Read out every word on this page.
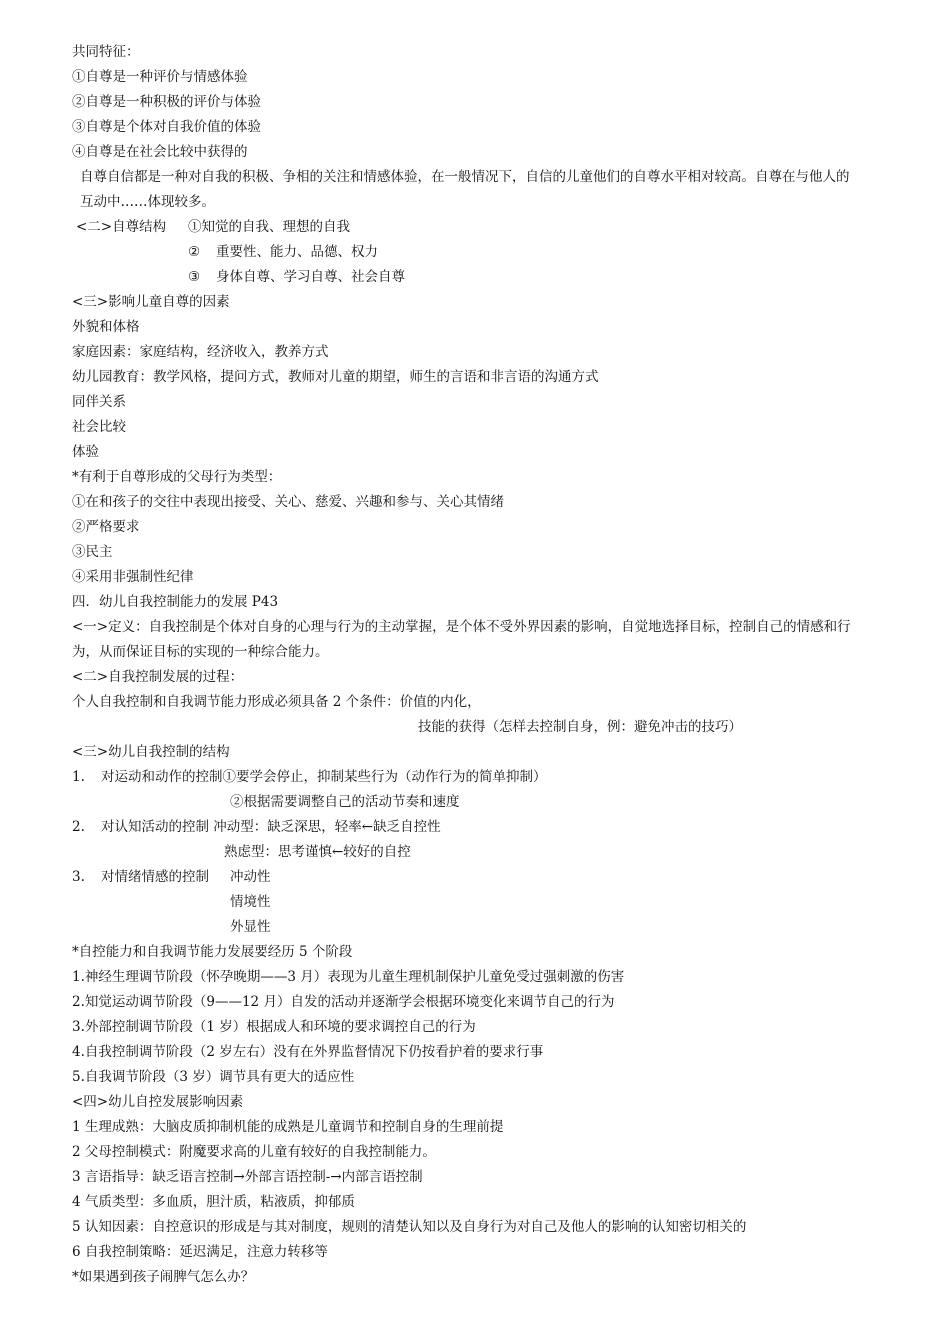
共同特征：
①自尊是一种评价与情感体验
②自尊是一种积极的评价与体验
③自尊是个体对自我价值的体验
④自尊是在社会比较中获得的
自尊自信都是一种对自我的积极、争相的关注和情感体验，在一般情况下，自信的儿童他们的自尊水平相对较高。自尊在与他人的
互动中……体现较多。
<二>自尊结构 ①知觉的自我、理想的自我
② 重要性、能力、品德、权力
③ 身体自尊、学习自尊、社会自尊
<三>影响儿童自尊的因素
外貌和体格
家庭因素：家庭结构，经济收入，教养方式
幼儿园教育：教学风格，提问方式，教师对儿童的期望，师生的言语和非言语的沟通方式
同伴关系
社会比较
体验
*有利于自尊形成的父母行为类型：
①在和孩子的交往中表现出接受、关心、慈爱、兴趣和参与、关心其情绪
②严格要求
③民主
④采用非强制性纪律
四．幼儿自我控制能力的发展 P43
<一>定义：自我控制是个体对自身的心理与行为的主动掌握，是个体不受外界因素的影响，自觉地选择目标，控制自己的情感和行
为，从而保证目标的实现的一种综合能力。
<二>自我控制发展的过程：
个人自我控制和自我调节能力形成必须具备 2 个条件：价值的内化，
技能的获得（怎样去控制自身，例：避免冲击的技巧）
<三>幼儿自我控制的结构
1. 对运动和动作的控制①要学会停止，抑制某些行为（动作行为的简单抑制）
②根据需要调整自己的活动节奏和速度
2. 对认知活动的控制 冲动型：缺乏深思，轻率←缺乏自控性
熟虑型：思考谨慎←较好的自控
3. 对情绪情感的控制 冲动性
情境性
外显性
*自控能力和自我调节能力发展要经历 5 个阶段
1.神经生理调节阶段（怀孕晚期——3 月）表现为儿童生理机制保护儿童免受过强刺激的伤害
2.知觉运动调节阶段（9——12 月）自发的活动并逐渐学会根据环境变化来调节自己的行为
3.外部控制调节阶段（1 岁）根据成人和环境的要求调控自己的行为
4.自我控制调节阶段（2 岁左右）没有在外界监督情况下仍按看护着的要求行事
5.自我调节阶段（3 岁）调节具有更大的适应性
<四>幼儿自控发展影响因素
1 生理成熟：大脑皮质抑制机能的成熟是儿童调节和控制自身的生理前提
2 父母控制模式：附魔要求高的儿童有较好的自我控制能力。
3 言语指导：缺乏语言控制→外部言语控制-→内部言语控制
4 气质类型：多血质，胆汁质，粘液质，抑郁质
5 认知因素：自控意识的形成是与其对制度，规则的清楚认知以及自身行为对自己及他人的影响的认知密切相关的
6 自我控制策略：延迟满足，注意力转移等
*如果遇到孩子闹脾气怎么办？
